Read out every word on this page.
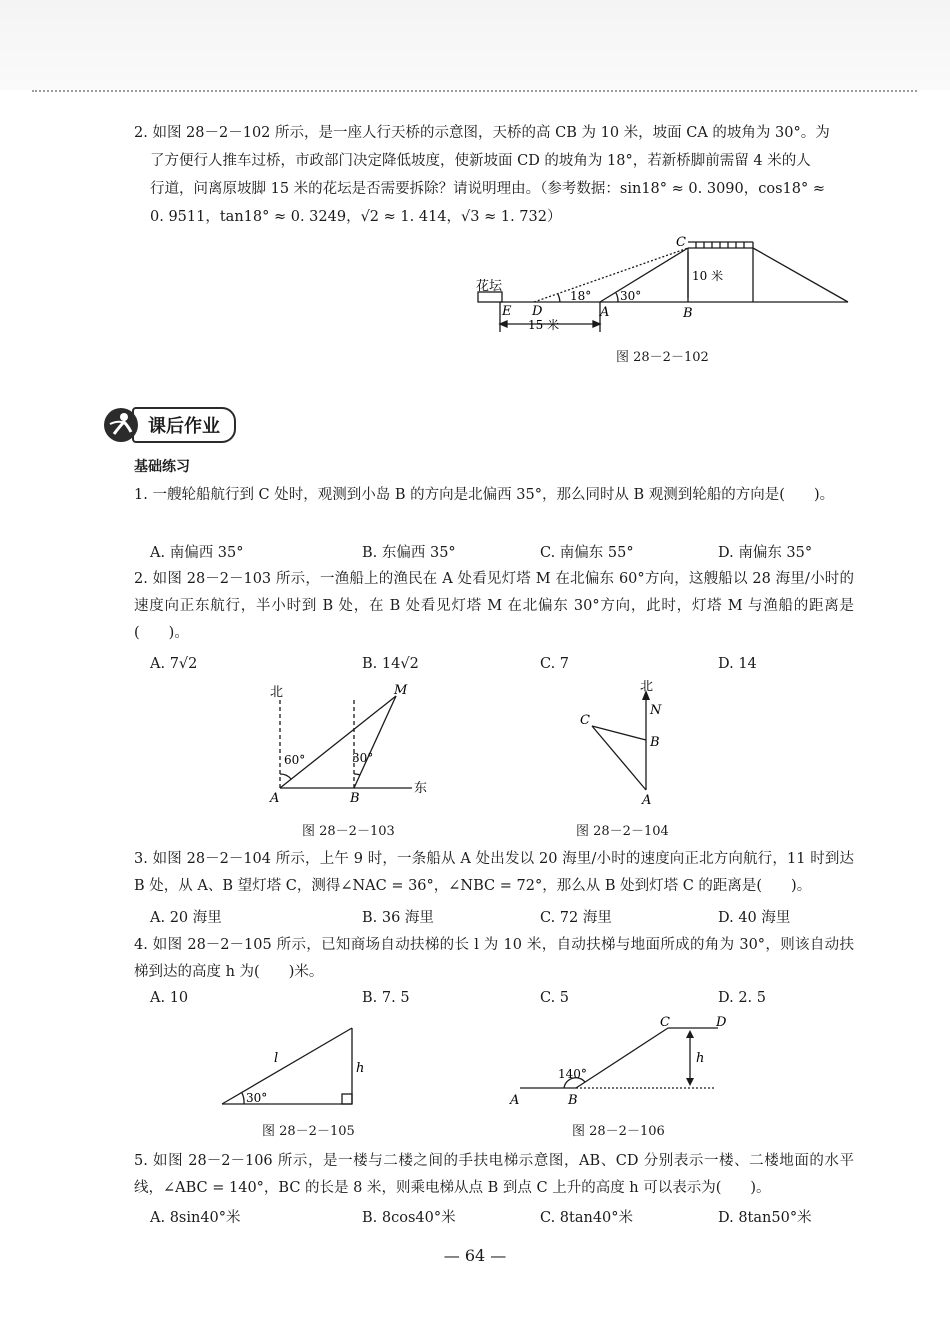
2. 如图 28－2－102 所示，是一座人行天桥的示意图，天桥的高 CB 为 10 米，坡面 CA 的坡角为 30°。为
了方便行人推车过桥，市政部门决定降低坡度，使新坡面 CD 的坡角为 18°，若新桥脚前需留 4 米的人
行道，问离原坡脚 15 米的花坛是否需要拆除？请说明理由。（参考数据：sin18° ≈ 0. 3090，cos18° ≈
0. 9511，tan18° ≈ 0. 3249，√2 ≈ 1. 414，√3 ≈ 1. 732）
C
D
E	A	B
花坛
10 米
15 米
18° 30°
图 28－2－102
课后作业
基础练习
1. 一艘轮船航行到 C 处时，观测到小岛 B 的方向是北偏西 35°，那么同时从 B 观测到轮船的方向是(　　)。
A. 南偏西 35°	B. 东偏西 35°	C. 南偏东 55°	D. 南偏东 35°
2. 如图 28－2－103 所示，一渔船上的渔民在 A 处看见灯塔 M 在北偏东 60°方向，这艘船以 28 海里/小时的速度向正东航行，半小时到 B 处，在 B 处看见灯塔 M 在北偏东 30°方向，此时，灯塔 M 与渔船的距离是(　　)。
A. 7√2	B. 14√2	C. 7	D. 14
北
东
M
A	B
60°	30°
图 28－2－103
北
N
B
C
A
图 28－2－104
3. 如图 28－2－104 所示，上午 9 时，一条船从 A 处出发以 20 海里/小时的速度向正北方向航行，11 时到达 B 处，从 A、B 望灯塔 C，测得∠NAC = 36°，∠NBC = 72°，那么从 B 处到灯塔 C 的距离是(　　)。
A. 20 海里	B. 36 海里	C. 72 海里	D. 40 海里
4. 如图 28－2－105 所示，已知商场自动扶梯的长 l 为 10 米，自动扶梯与地面所成的角为 30°，则该自动扶梯到达的高度 h 为(　　)米。
A. 10	B. 7. 5	C. 5	D. 2. 5
l
h
30°
图 28－2－105
A	B
C	D
h
140°
图 28－2－106
5. 如图 28－2－106 所示，是一楼与二楼之间的手扶电梯示意图，AB、CD 分别表示一楼、二楼地面的水平线，∠ABC = 140°，BC 的长是 8 米，则乘电梯从点 B 到点 C 上升的高度 h 可以表示为(　　)。
A. 8sin40°米	B. 8cos40°米	C. 8tan40°米	D. 8tan50°米
— 64 —
